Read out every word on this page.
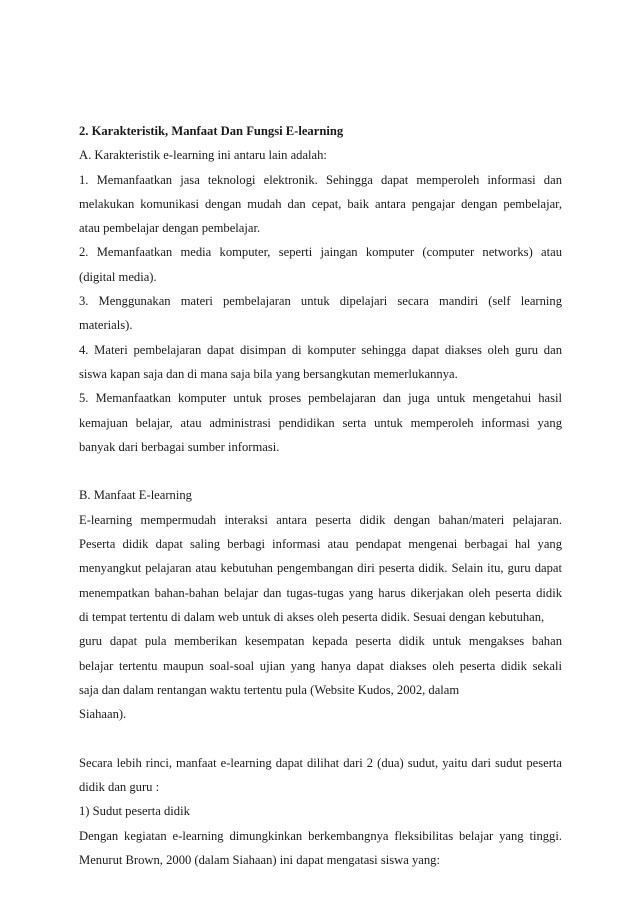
2. Karakteristik, Manfaat Dan Fungsi E-learning
A. Karakteristik e-learning ini antaru lain adalah:
1. Memanfaatkan jasa teknologi elektronik. Sehingga dapat memperoleh informasi dan
melakukan komunikasi dengan mudah dan cepat, baik antara pengajar dengan pembelajar,
atau pembelajar dengan pembelajar.
2. Memanfaatkan media komputer, seperti jaingan komputer (computer networks) atau
(digital media).
3. Menggunakan materi pembelajaran untuk dipelajari secara mandiri (self learning
materials).
4. Materi pembelajaran dapat disimpan di komputer sehingga dapat diakses oleh guru dan
siswa kapan saja dan di mana saja bila yang bersangkutan memerlukannya.
5. Memanfaatkan komputer untuk proses pembelajaran dan juga untuk mengetahui hasil
kemajuan belajar, atau administrasi pendidikan serta untuk memperoleh informasi yang
banyak dari berbagai sumber informasi.
B. Manfaat E-learning
E-learning mempermudah interaksi antara peserta didik dengan bahan/materi pelajaran.
Peserta didik dapat saling berbagi informasi atau pendapat mengenai berbagai hal yang
menyangkut pelajaran atau kebutuhan pengembangan diri peserta didik. Selain itu, guru dapat
menempatkan bahan-bahan belajar dan tugas-tugas yang harus dikerjakan oleh peserta didik
di tempat tertentu di dalam web untuk di akses oleh peserta didik. Sesuai dengan kebutuhan,
guru dapat pula memberikan kesempatan kepada peserta didik untuk mengakses bahan
belajar tertentu maupun soal-soal ujian yang hanya dapat diakses oleh peserta didik sekali
saja dan dalam rentangan waktu tertentu pula (Website Kudos, 2002, dalam
Siahaan).
Secara lebih rinci, manfaat e-learning dapat dilihat dari 2 (dua) sudut, yaitu dari sudut peserta
didik dan guru :
1) Sudut peserta didik
Dengan kegiatan e-learning dimungkinkan berkembangnya fleksibilitas belajar yang tinggi.
Menurut Brown, 2000 (dalam Siahaan) ini dapat mengatasi siswa yang:
